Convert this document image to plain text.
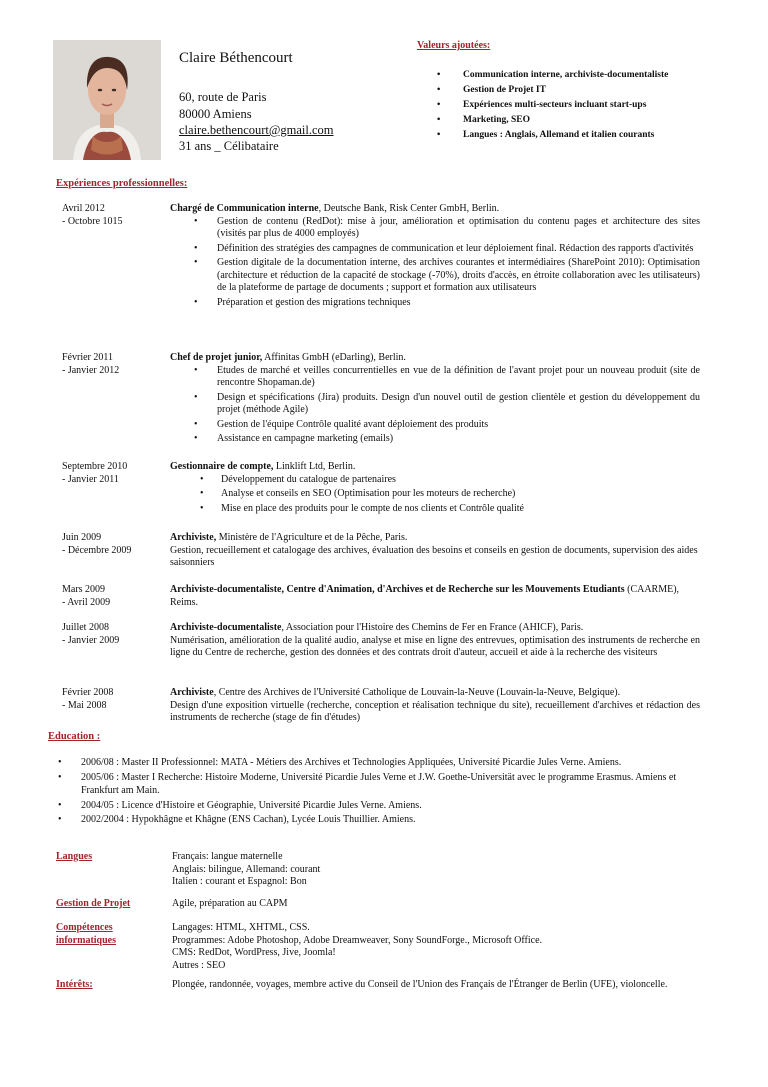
Claire Béthencourt
60, route de Paris
80000 Amiens
claire.bethencourt@gmail.com
31 ans _ Célibataire
Valeurs ajoutées:
• Communication interne, archiviste-documentaliste
• Gestion de Projet IT
• Expériences multi-secteurs incluant start-ups
• Marketing, SEO
• Langues : Anglais, Allemand et italien courants
Expériences professionnelles:
Avril 2012
- Octobre 1015
Chargé de Communication interne, Deutsche Bank, Risk Center GmbH, Berlin.
• Gestion de contenu (RedDot): mise à jour, amélioration et optimisation du contenu pages et architecture des sites (visités par plus de 4000 employés)
• Définition des stratégies des campagnes de communication et leur déploiement final. Rédaction des rapports d'activités
• Gestion digitale de la documentation interne, des archives courantes et intermédiaires (SharePoint 2010): Optimisation (architecture et réduction de la capacité de stockage (-70%), droits d'accès, en étroite collaboration avec les utilisateurs) de la plateforme de partage de documents ; support et formation aux utilisateurs
• Préparation et gestion des migrations techniques
Février 2011
- Janvier 2012
Chef de projet junior, Affinitas GmbH (eDarling), Berlin.
• Etudes de marché et veilles concurrentielles en vue de la définition de l'avant projet pour un nouveau produit (site de rencontre Shopaman.de)
• Design et spécifications (Jira) produits. Design d'un nouvel outil de gestion clientèle et gestion du développement du projet (méthode Agile)
• Gestion de l'équipe Contrôle qualité avant déploiement des produits
• Assistance en campagne marketing (emails)
Septembre 2010
- Janvier 2011
Gestionnaire de compte, Linklift Ltd, Berlin.
• Développement du catalogue de partenaires
• Analyse et conseils en SEO (Optimisation pour les moteurs de recherche)
• Mise en place des produits pour le compte de nos clients et Contrôle qualité
Juin 2009
- Décembre 2009
Archiviste, Ministère de l'Agriculture et de la Pêche, Paris.
Gestion, recueillement et catalogage des archives, évaluation des besoins et conseils en gestion de documents, supervision des aides saisonniers
Mars 2009
- Avril 2009
Archiviste-documentaliste, Centre d'Animation, d'Archives et de Recherche sur les Mouvements Etudiants (CAARME), Reims.
Juillet 2008
- Janvier 2009
Archiviste-documentaliste, Association pour l'Histoire des Chemins de Fer en France (AHICF), Paris.
Numérisation, amélioration de la qualité audio, analyse et mise en ligne des entrevues, optimisation des instruments de recherche en ligne du Centre de recherche, gestion des données et des contrats droit d'auteur, accueil et aide à la recherche des visiteurs
Février 2008
- Mai 2008
Archiviste, Centre des Archives de l'Université Catholique de Louvain-la-Neuve (Louvain-la-Neuve, Belgique).
Design d'une exposition virtuelle (recherche, conception et réalisation technique du site), recueillement d'archives et rédaction des instruments de recherche (stage de fin d'études)
Education :
• 2006/08 : Master II Professionnel: MATA - Métiers des Archives et Technologies Appliquées, Université Picardie Jules Verne. Amiens.
• 2005/06 : Master I Recherche: Histoire Moderne, Université Picardie Jules Verne et J.W. Goethe-Universität avec le programme Erasmus. Amiens et Frankfurt am Main.
• 2004/05 : Licence d'Histoire et Géographie, Université Picardie Jules Verne. Amiens.
• 2002/2004 : Hypokhâgne et Khâgne (ENS Cachan), Lycée Louis Thuillier. Amiens.
Langues	Français: langue maternelle
Anglais: bilingue, Allemand: courant
Italien : courant et Espagnol: Bon
Gestion de Projet	Agile, préparation au CAPM
Compétences
informatiques
Langages: HTML, XHTML, CSS.
Programmes: Adobe Photoshop, Adobe Dreamweaver, Sony SoundForge., Microsoft Office.
CMS: RedDot, WordPress, Jive, Joomla!
Autres : SEO
Intérêts:	Plongée, randonnée, voyages, membre active du Conseil de l'Union des Français de l'Étranger de Berlin (UFE), violoncelle.
